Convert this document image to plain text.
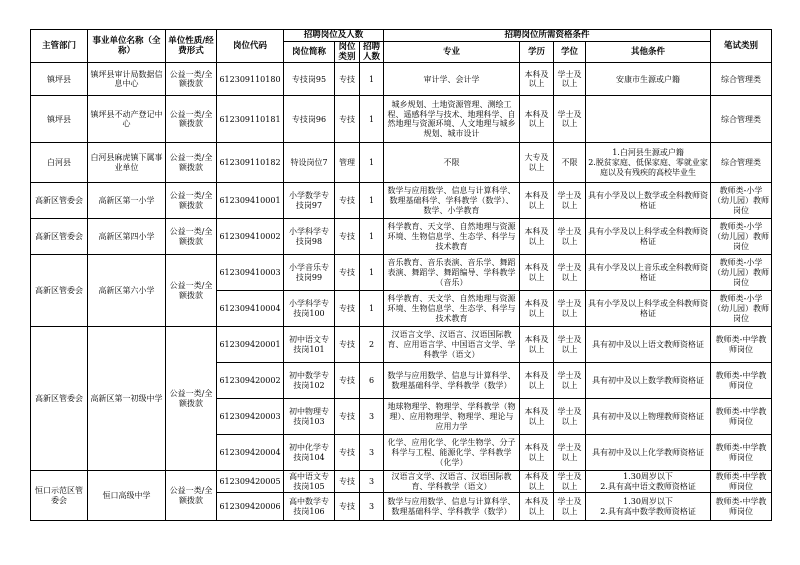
主管部门	事业单位名称（全称）	单位性质/经费形式	岗位代码	招聘岗位及人数			招聘岗位所需资格条件				笔试类别
				岗位简称	岗位类别	招聘人数	专业	学历	学位	其他条件	
镇坪县	镇坪县审计局数据信息中心	公益一类/全额拨款	612309110180	专技岗95	专技	1	审计学、会计学	本科及以上	学士及以上	安康市生源或户籍	综合管理类
镇坪县	镇坪县不动产登记中心	公益一类/全额拨款	612309110181	专技岗96	专技	1	城乡规划、土地资源管理、测绘工程、遥感科学与技术、地理科学、自然地理与资源环境、人文地理与城乡规划、城市设计	本科及以上	学士及以上		综合管理类
白河县	白河县麻虎镇下属事业单位	公益一类/全额拨款	612309110182	特设岗位7	管理	1	不限	大专及以上	不限	1.白河县生源或户籍
2.脱贫家庭、低保家庭、零就业家庭以及有残疾的高校毕业生	综合管理类
高新区管委会	高新区第一小学	公益一类/全额拨款	612309410001	小学数学专技岗97	专技	1	数学与应用数学、信息与计算科学、数理基础科学、学科教学（数学）、数学、小学教育	本科及以上	学士及以上	具有小学及以上数学或全科教师资格证	教师类-小学（幼儿园）教师岗位
高新区管委会	高新区第四小学	公益一类/全额拨款	612309410002	小学科学专技岗98	专技	1	科学教育、天文学、自然地理与资源环境、生物信息学、生态学、科学与技术教育	本科及以上	学士及以上	具有小学及以上科学或全科教师资格证	教师类-小学（幼儿园）教师岗位
高新区管委会	高新区第六小学	公益一类/全额拨款	612309410003	小学音乐专技岗99	专技	1	音乐教育、音乐表演、音乐学、舞蹈表演、舞蹈学、舞蹈编导、学科教学（音乐）	本科及以上	学士及以上	具有小学及以上音乐或全科教师资格证	教师类-小学（幼儿园）教师岗位
			612309410004	小学科学专技岗100	专技	1	科学教育、天文学、自然地理与资源环境、生物信息学、生态学、科学与技术教育	本科及以上	学士及以上	具有小学及以上科学或全科教师资格证	教师类-小学（幼儿园）教师岗位
高新区管委会	高新区第一初级中学	公益一类/全额拨款	612309420001	初中语文专技岗101	专技	2	汉语言文学、汉语言、汉语国际教育、应用语言学、中国语言文学、学科教学（语文）	本科及以上	学士及以上	具有初中及以上语文教师资格证	教师类-中学教师岗位
			612309420002	初中数学专技岗102	专技	6	数学与应用数学、信息与计算科学、数理基础科学、学科教学（数学）	本科及以上	学士及以上	具有初中及以上数学教师资格证	教师类-中学教师岗位
			612309420003	初中物理专技岗103	专技	3	地球物理学、物理学、学科教学（物理）、应用物理学、物理学、理论与应用力学	本科及以上	学士及以上	具有初中及以上物理教师资格证	教师类-中学教师岗位
			612309420004	初中化学专技岗104	专技	3	化学、应用化学、化学生物学、分子科学与工程、能源化学、学科教学（化学）	本科及以上	学士及以上	具有初中及以上化学教师资格证	教师类-中学教师岗位
恒口示范区管委会	恒口高级中学	公益一类/全额拨款	612309420005	高中语文专技岗105	专技	3	汉语言文学、汉语言、汉语国际教育、学科教学（语文）	本科及以上	学士及以上	1.30周岁以下
2.具有高中语文教师资格证	教师类-中学教师岗位
			612309420006	高中数学专技岗106	专技	3	数学与应用数学、信息与计算科学、数理基础科学、学科教学（数学）	本科及以上	学士及以上	1.30周岁以下
2.具有高中数学教师资格证	教师类-中学教师岗位
